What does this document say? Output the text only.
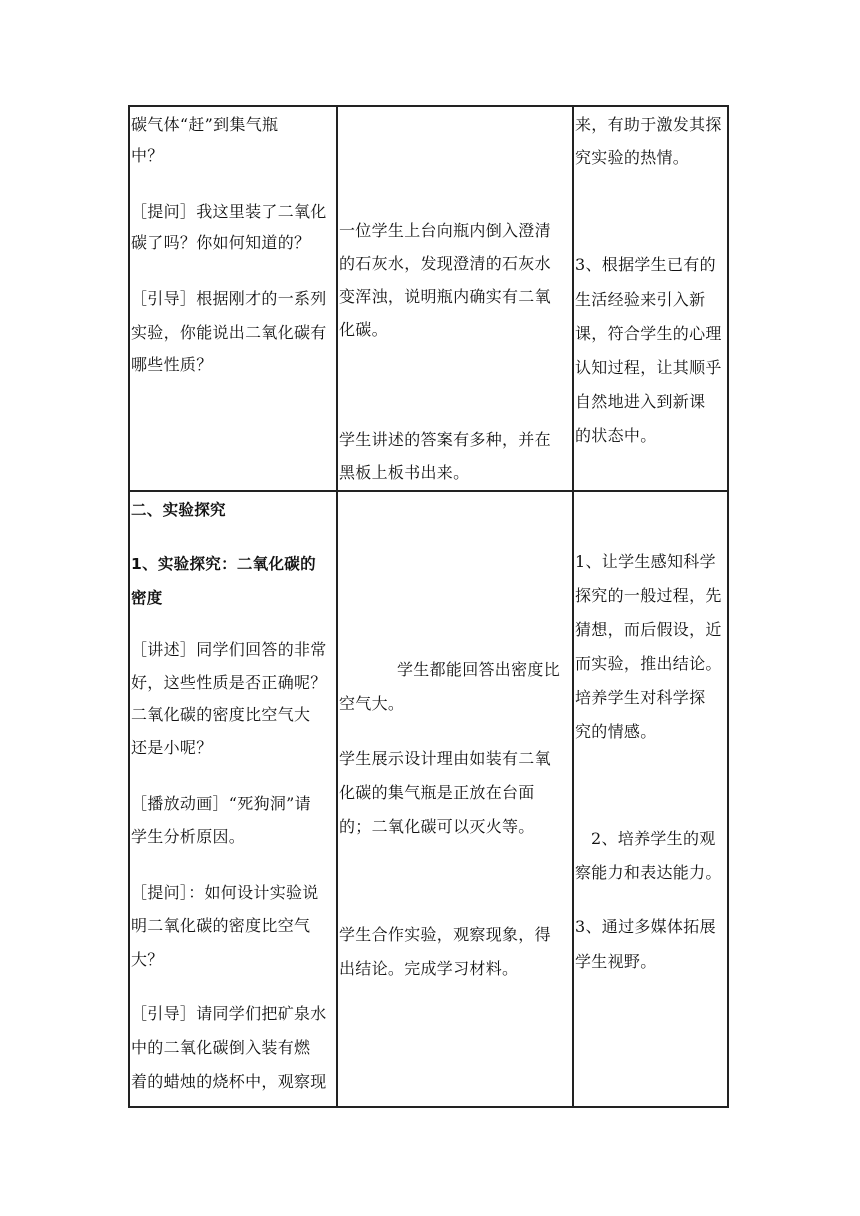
碳气体“赶”到集气瓶
中？
［提问］我这里装了二氧化
碳了吗？你如何知道的？
［引导］根据刚才的一系列
实验，你能说出二氧化碳有
哪些性质？
一位学生上台向瓶内倒入澄清
的石灰水，发现澄清的石灰水
变浑浊，说明瓶内确实有二氧
化碳。
学生讲述的答案有多种，并在
黑板上板书出来。
来，有助于激发其探
究实验的热情。
3、根据学生已有的
生活经验来引入新
课，符合学生的心理
认知过程，让其顺乎
自然地进入到新课
的状态中。
二、实验探究
1、实验探究：二氧化碳的
密度
［讲述］同学们回答的非常
好，这些性质是否正确呢？
二氧化碳的密度比空气大
还是小呢？
［播放动画］“死狗洞”请
学生分析原因。
［提问］：如何设计实验说
明二氧化碳的密度比空气
大？
［引导］请同学们把矿泉水
中的二氧化碳倒入装有燃
着的蜡烛的烧杯中，观察现
学生都能回答出密度比
空气大。
学生展示设计理由如装有二氧
化碳的集气瓶是正放在台面
的；二氧化碳可以灭火等。
学生合作实验，观察现象，得
出结论。完成学习材料。
1、让学生感知科学
探究的一般过程，先
猜想，而后假设，近
而实验，推出结论。
培养学生对科学探
究的情感。
2、培养学生的观
察能力和表达能力。
3、通过多媒体拓展
学生视野。
